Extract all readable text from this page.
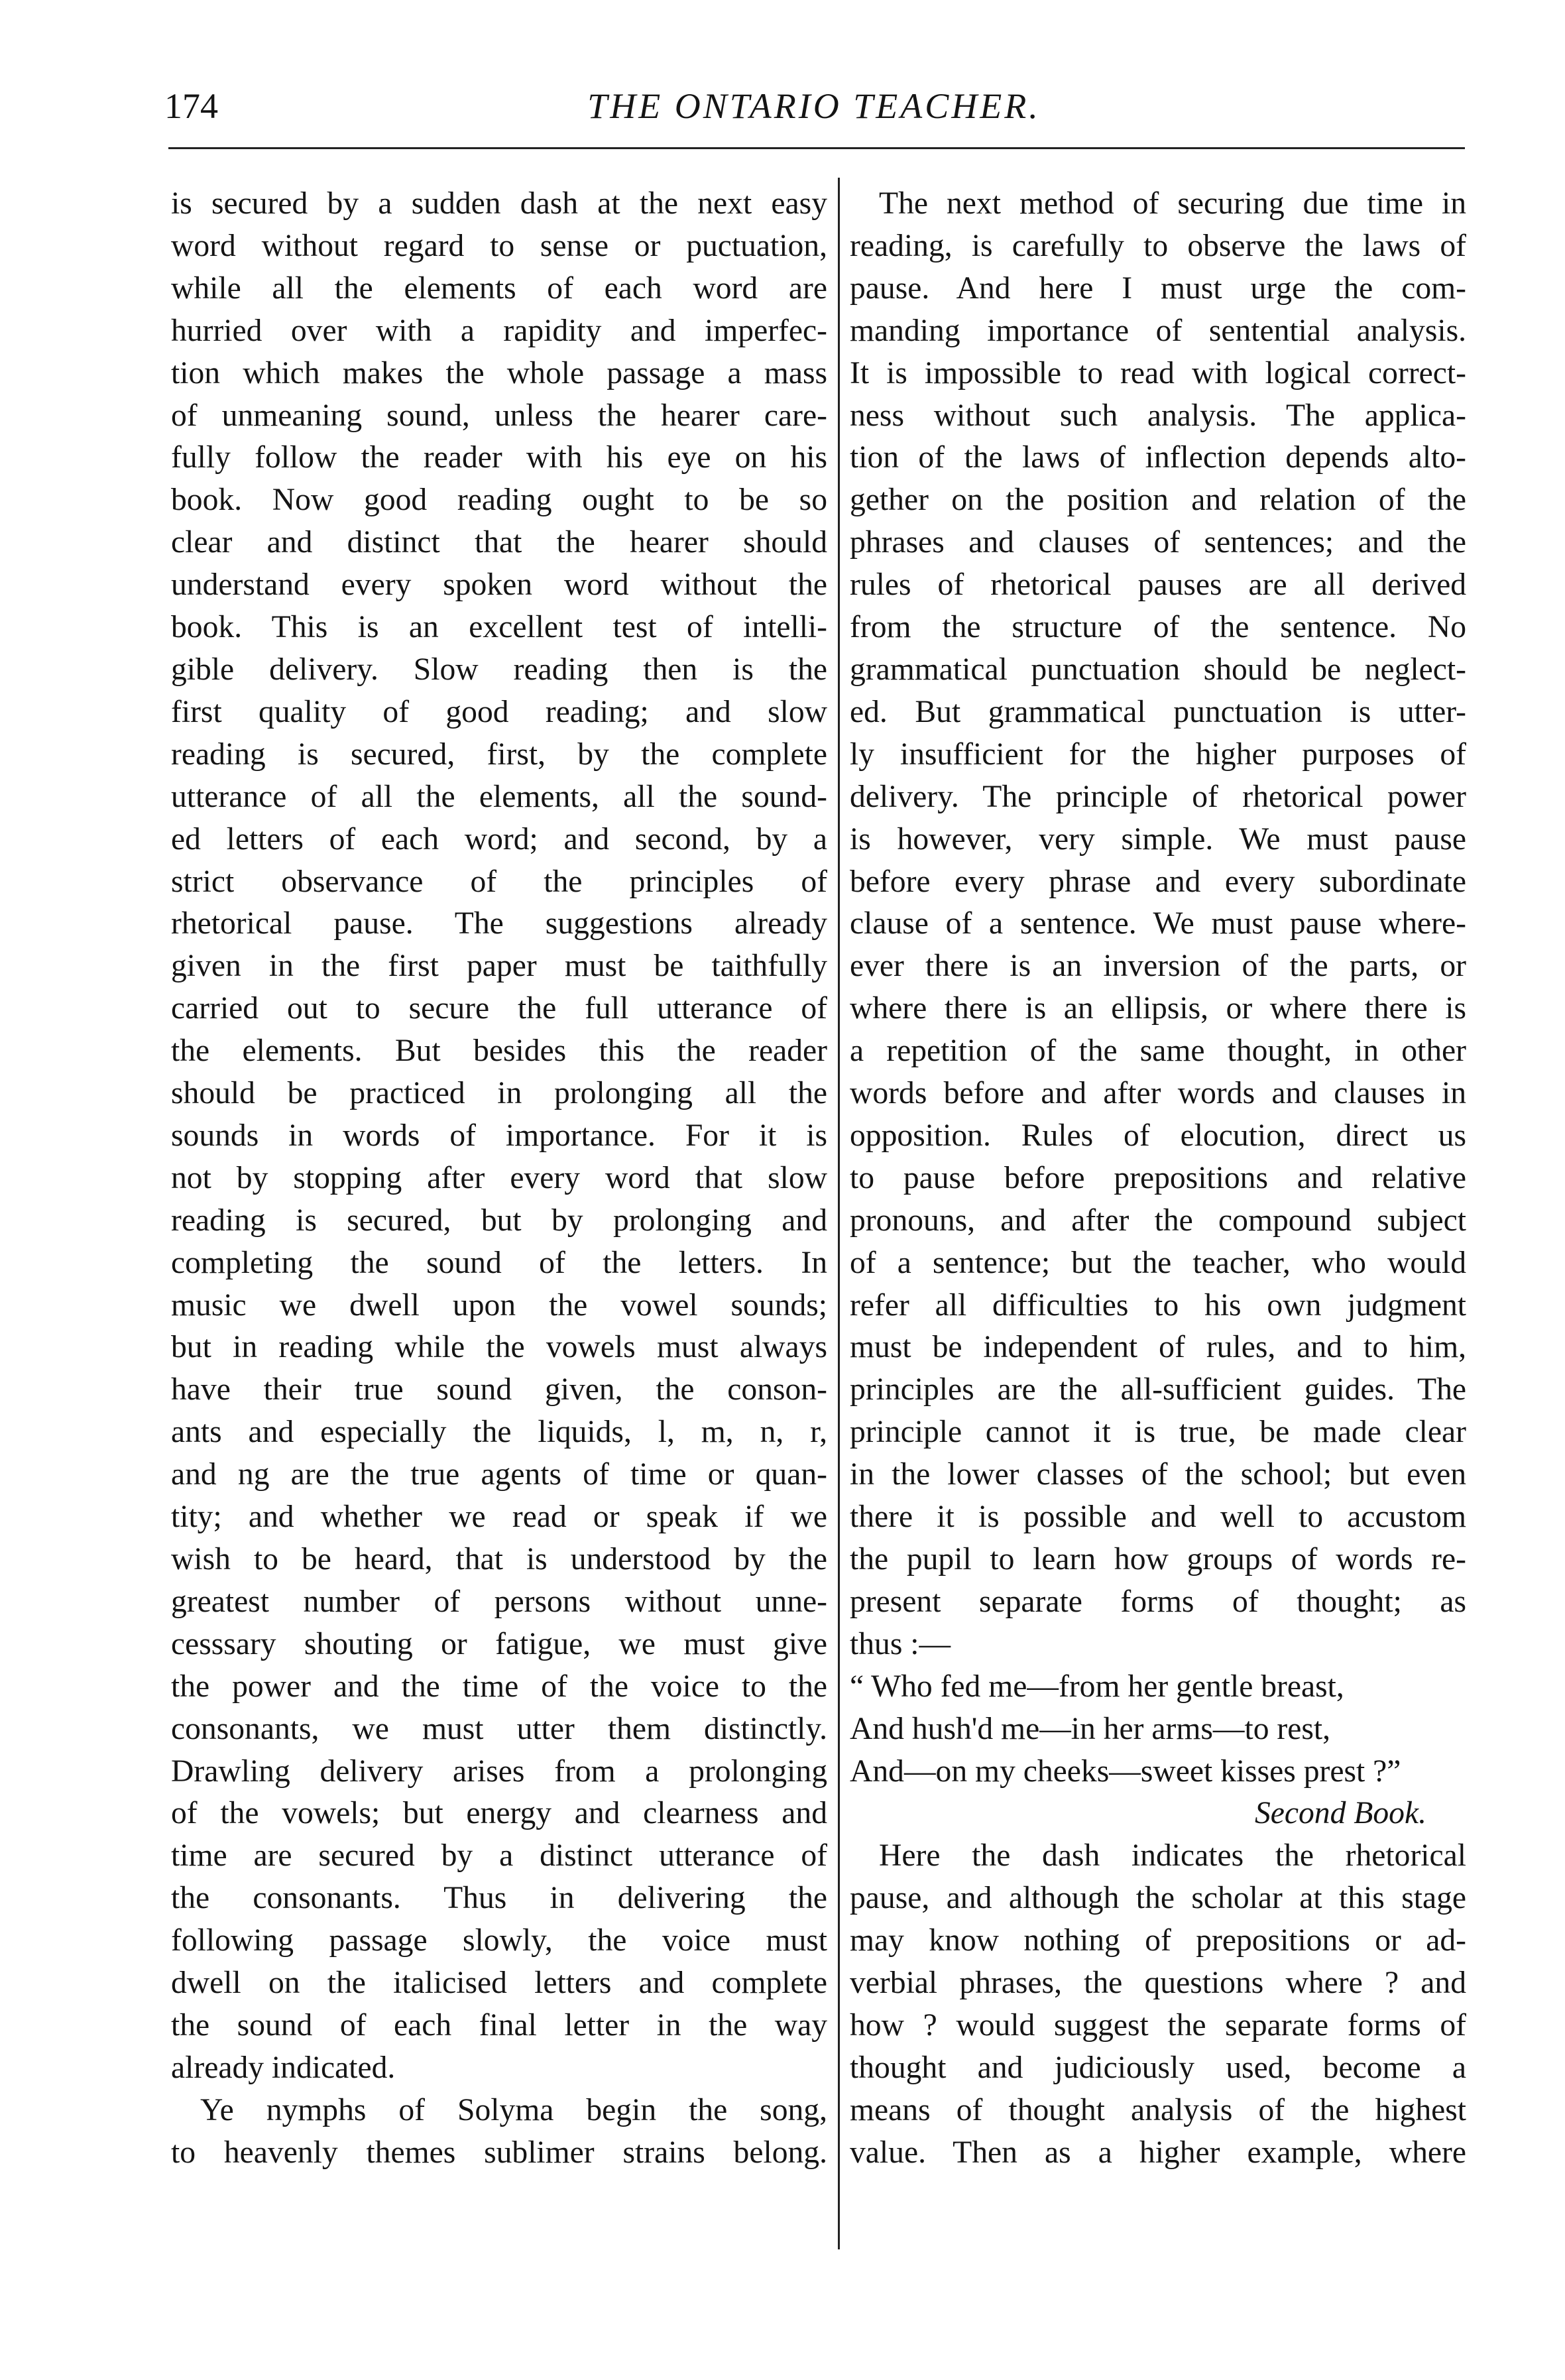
174	THE ONTARIO TEACHER.
is secured by a sudden dash at the next easy
word without regard to sense or puctuation,
while all the elements of each word are
hurried over with a rapidity and imperfec-
tion which makes the whole passage a mass
of unmeaning sound, unless the hearer care-
fully follow the reader with his eye on his
book. Now good reading ought to be so
clear and distinct that the hearer should
understand every spoken word without the
book. This is an excellent test of intelli-
gible delivery. Slow reading then is the
first quality of good reading; and slow
reading is secured, first, by the complete
utterance of all the elements, all the sound-
ed letters of each word; and second, by a
strict observance of the principles of
rhetorical pause. The suggestions already
given in the first paper must be taithfully
carried out to secure the full utterance of
the elements. But besides this the reader
should be practiced in prolonging all the
sounds in words of importance. For it is
not by stopping after every word that slow
reading is secured, but by prolonging and
completing the sound of the letters. In
music we dwell upon the vowel sounds;
but in reading while the vowels must always
have their true sound given, the conson-
ants and especially the liquids, l, m, n, r,
and ng are the true agents of time or quan-
tity; and whether we read or speak if we
wish to be heard, that is understood by the
greatest number of persons without unne-
cesssary shouting or fatigue, we must give
the power and the time of the voice to the
consonants, we must utter them distinctly.
Drawling delivery arises from a prolonging
of the vowels; but energy and clearness and
time are secured by a distinct utterance of
the consonants. Thus in delivering the
following passage slowly, the voice must
dwell on the italicised letters and complete
the sound of each final letter in the way
already indicated.
Ye nymphs of Solyma begin the song,
to heavenly themes sublimer strains belong.
The next method of securing due time in
reading, is carefully to observe the laws of
pause. And here I must urge the com-
manding importance of sentential analysis.
It is impossible to read with logical correct-
ness without such analysis. The applica-
tion of the laws of inflection depends alto-
gether on the position and relation of the
phrases and clauses of sentences; and the
rules of rhetorical pauses are all derived
from the structure of the sentence. No
grammatical punctuation should be neglect-
ed. But grammatical punctuation is utter-
ly insufficient for the higher purposes of
delivery. The principle of rhetorical power
is however, very simple. We must pause
before every phrase and every subordinate
clause of a sentence. We must pause where-
ever there is an inversion of the parts, or
where there is an ellipsis, or where there is
a repetition of the same thought, in other
words before and after words and clauses in
opposition. Rules of elocution, direct us
to pause before prepositions and relative
pronouns, and after the compound subject
of a sentence; but the teacher, who would
refer all difficulties to his own judgment
must be independent of rules, and to him,
principles are the all-sufficient guides. The
principle cannot it is true, be made clear
in the lower classes of the school; but even
there it is possible and well to accustom
the pupil to learn how groups of words re-
present separate forms of thought; as
thus :—
“ Who fed me—from her gentle breast,
And hush'd me—in her arms—to rest,
And—on my cheeks—sweet kisses prest ?”
Second Book.
Here the dash indicates the rhetorical
pause, and although the scholar at this stage
may know nothing of prepositions or ad-
verbial phrases, the questions where ? and
how ? would suggest the separate forms of
thought and judiciously used, become a
means of thought analysis of the highest
value. Then as a higher example, where
